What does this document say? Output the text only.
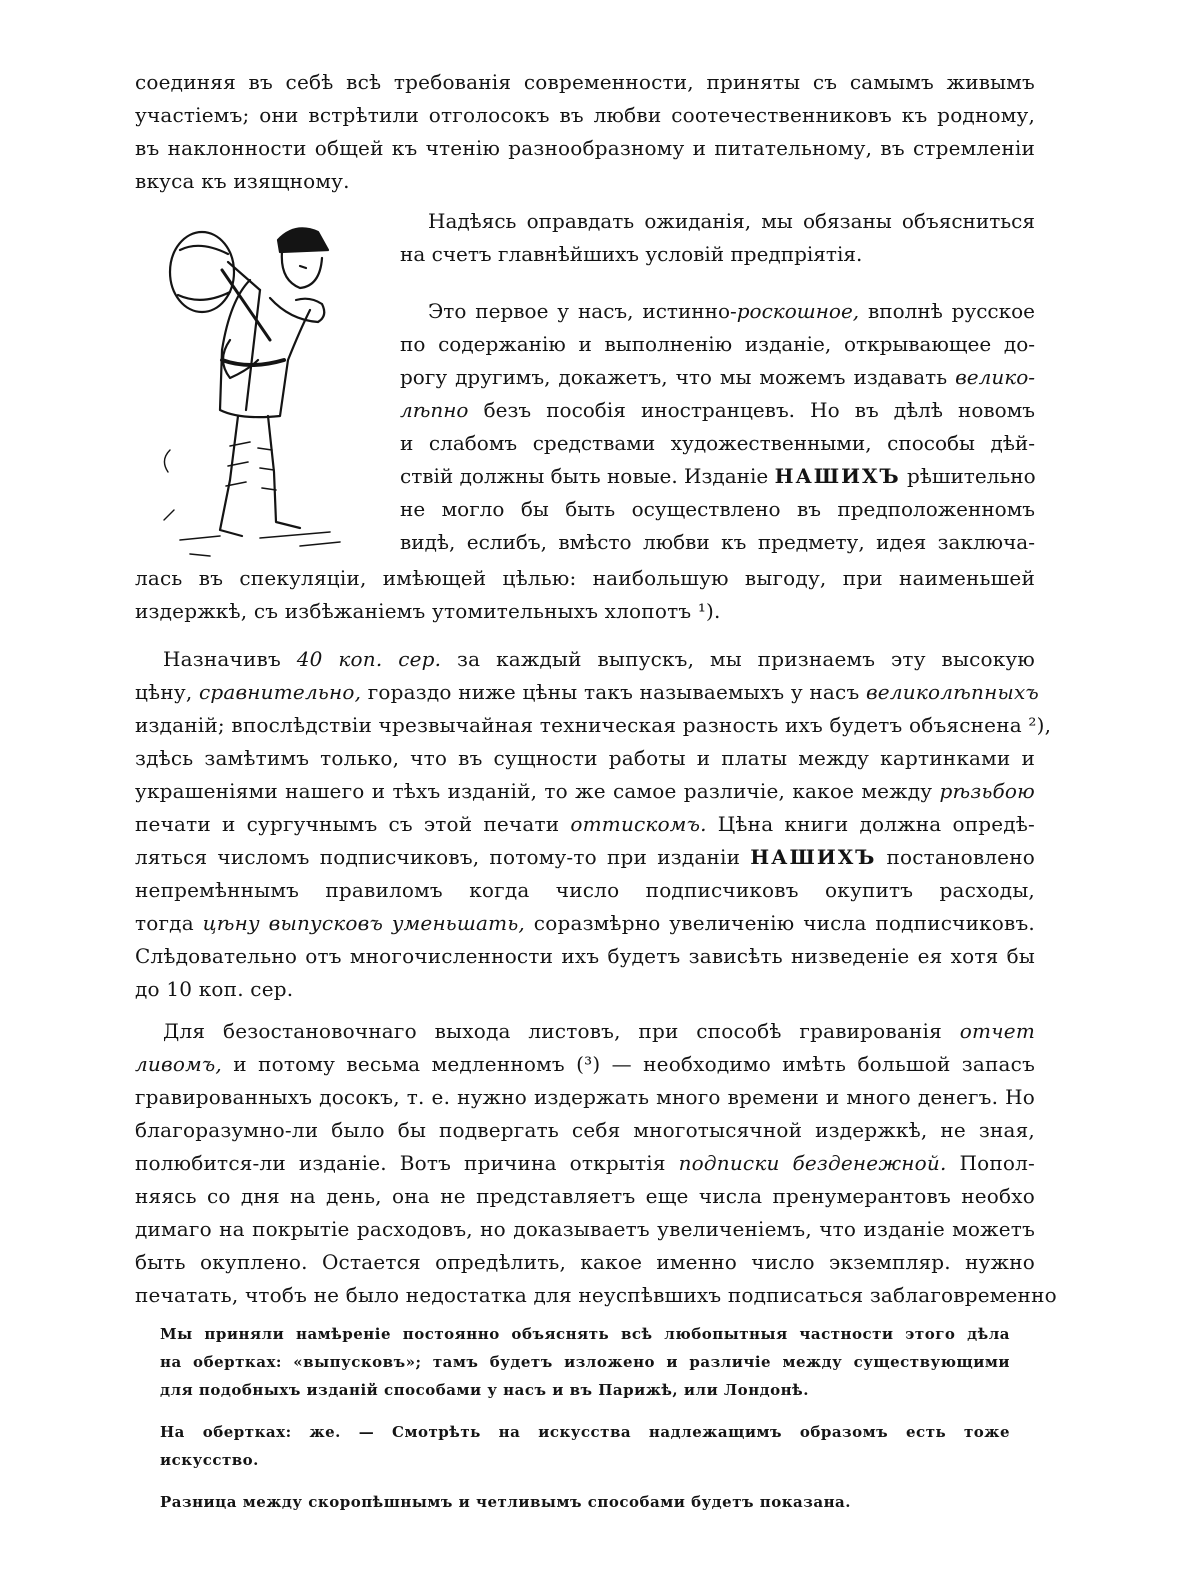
соединяя въ себѣ всѣ требованія современности, приняты съ самымъ живымъ
участіемъ; они встрѣтили отголосокъ въ любви соотечественниковъ къ родному,
въ наклонности общей къ чтенію разнообразному и питательному, въ стремленіи
вкуса къ изящному.
Надѣясь оправдать ожиданія, мы обязаны объясниться
на счетъ главнѣйшихъ условій предпріятія.
Это первое у насъ, истинно-роскошное, вполнѣ русское
по содержанію и выполненію изданіе, открывающее до-
рогу другимъ, докажетъ, что мы можемъ издавать велико-
лѣпно безъ пособія иностранцевъ. Но въ дѣлѣ новомъ
и слабомъ средствами художественными, способы дѣй-
ствій должны быть новые. Изданіе НАШИХЪ рѣшительно
не могло бы быть осуществлено въ предположенномъ
видѣ, еслибъ, вмѣсто любви къ предмету, идея заключа-
лась въ спекуляціи, имѣющей цѣлью: наибольшую выгоду, при наименьшей
издержкѣ, съ избѣжаніемъ утомительныхъ хлопотъ ¹).
Назначивъ 40 коп. сер. за каждый выпускъ, мы признаемъ эту высокую
цѣну, сравнительно, гораздо ниже цѣны такъ называемыхъ у насъ великолѣпныхъ
изданій; впослѣдствіи чрезвычайная техническая разность ихъ будетъ объяснена ²),
здѣсь замѣтимъ только, что въ сущности работы и платы между картинками и
украшеніями нашего и тѣхъ изданій, то же самое различіе, какое между рѣзьбою
печати и сургучнымъ съ этой печати оттискомъ. Цѣна книги должна опредѣ-
ляться числомъ подписчиковъ, потому-то при изданіи НАШИХЪ постановлено
непремѣннымъ правиломъ когда число подписчиковъ окупитъ расходы,
тогда цѣну выпусковъ уменьшать, соразмѣрно увеличенію числа подписчиковъ.
Слѣдовательно отъ многочисленности ихъ будетъ зависѣть низведеніе ея хотя бы
до 10 коп. сер.
Для безостановочнаго выхода листовъ, при способѣ гравированія отчет
ливомъ, и потому весьма медленномъ (³) — необходимо имѣть большой запасъ
гравированныхъ досокъ, т. е. нужно издержать много времени и много денегъ. Но
благоразумно-ли было бы подвергать себя многотысячной издержкѣ, не зная,
полюбится-ли изданіе. Вотъ причина открытія подписки безденежной. Попол-
няясь со дня на день, она не представляетъ еще числа пренумерантовъ необхо
димаго на покрытіе расходовъ, но доказываетъ увеличеніемъ, что изданіе можетъ
быть окуплено. Остается опредѣлить, какое именно число экземпляр. нужно
печатать, чтобъ не было недостатка для неуспѣвшихъ подписаться заблаговременно
Мы приняли намѣреніе постоянно объяснять всѣ любопытныя частности этого дѣла
на обертках: «выпусковъ»; тамъ будетъ изложено и различіе между существующими
для подобныхъ изданій способами у насъ и въ Парижѣ, или Лондонѣ.
На обертках: же. — Смотрѣть на искусства надлежащимъ образомъ есть тоже
искусство.
Разница между скоропѣшнымъ и четливымъ способами будетъ показана.
